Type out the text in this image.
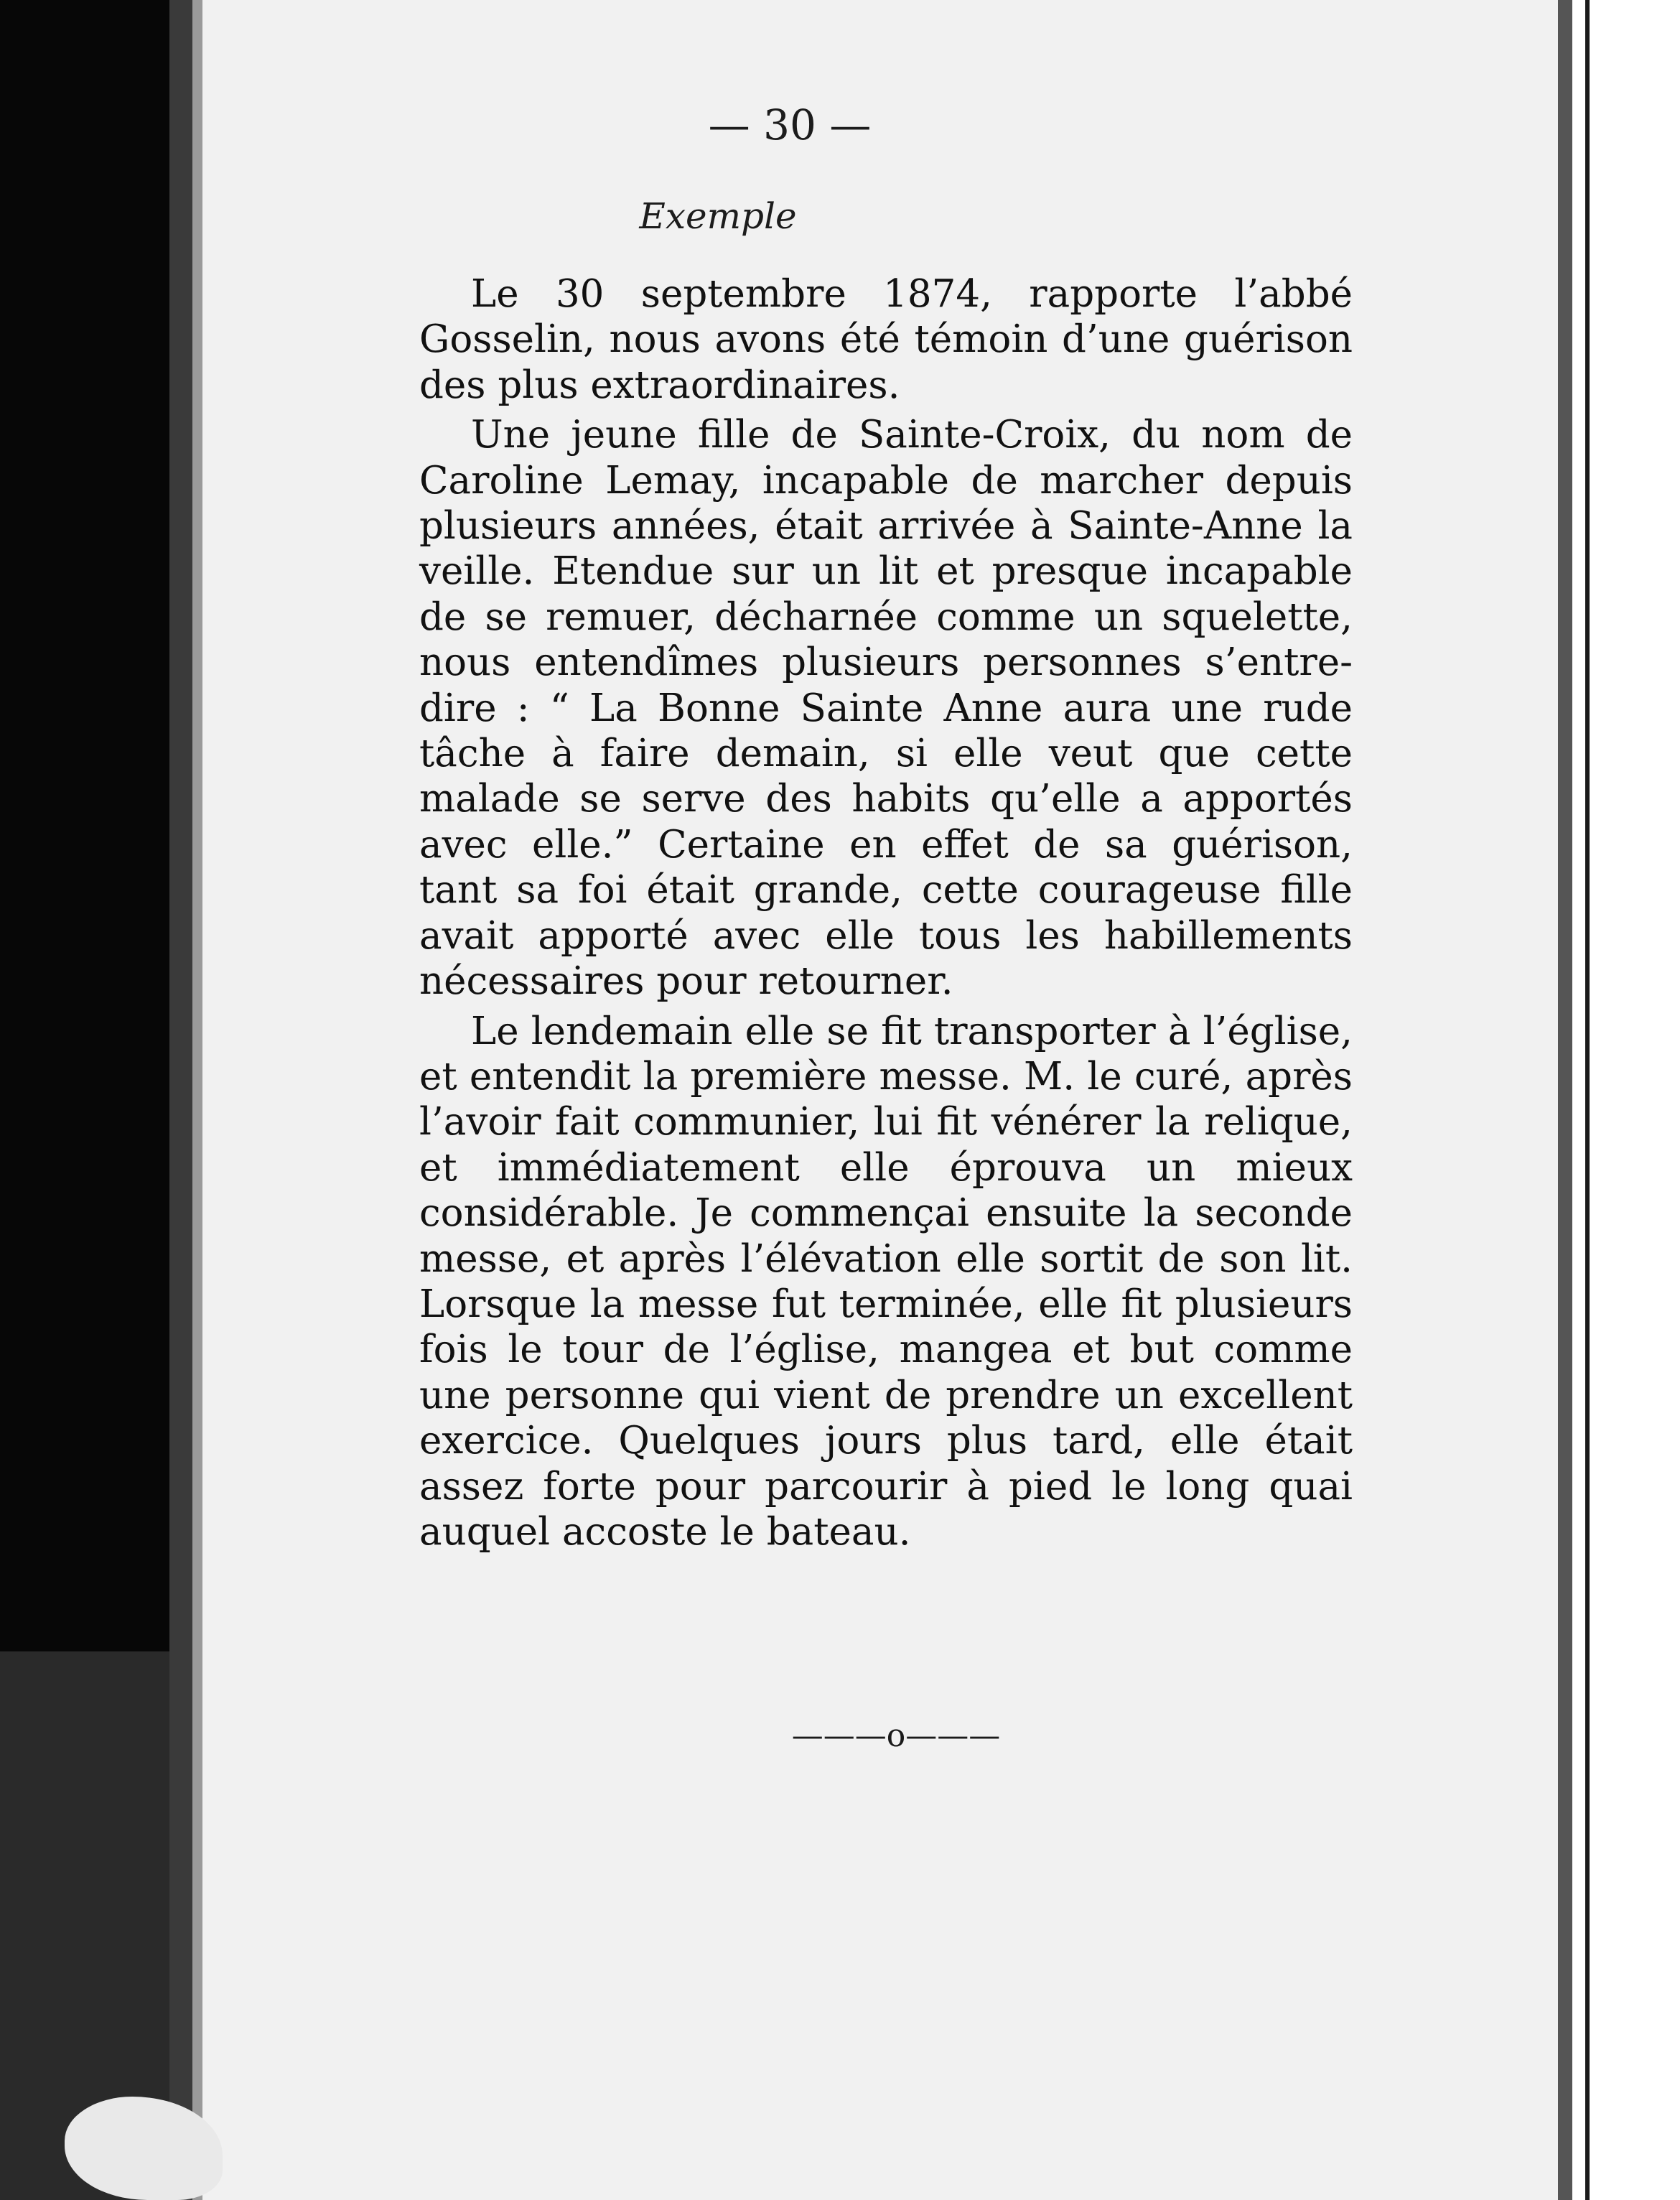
— 30 —
Exemple

Le 30 septembre 1874, rapporte l’abbé Gosselin, nous avons été témoin d’une guérison des plus extraordinaires.

Une jeune fille de Sainte-Croix, du nom de Caroline Lemay, incapable de marcher depuis plusieurs années, était arrivée à Sainte-Anne la veille. Etendue sur un lit et presque incapable de se remuer, décharnée comme un squelette, nous entendîmes plusieurs personnes s’entre-dire : “ La Bonne Sainte Anne aura une rude tâche à faire demain, si elle veut que cette malade se serve des habits qu’elle a apportés avec elle.” Certaine en effet de sa guérison, tant sa foi était grande, cette courageuse fille avait apporté avec elle tous les habillements nécessaires pour retourner.

Le lendemain elle se fit transporter à l’église, et entendit la première messe. M. le curé, après l’avoir fait communier, lui fit vénérer la relique, et immédiatement elle éprouva un mieux considérable. Je commençai ensuite la seconde messe, et après l’élévation elle sortit de son lit. Lorsque la messe fut terminée, elle fit plusieurs fois le tour de l’église, mangea et but comme une personne qui vient de prendre un excellent exercice. Quelques jours plus tard, elle était assez forte pour parcourir à pied le long quai auquel accoste le bateau.

———o———
